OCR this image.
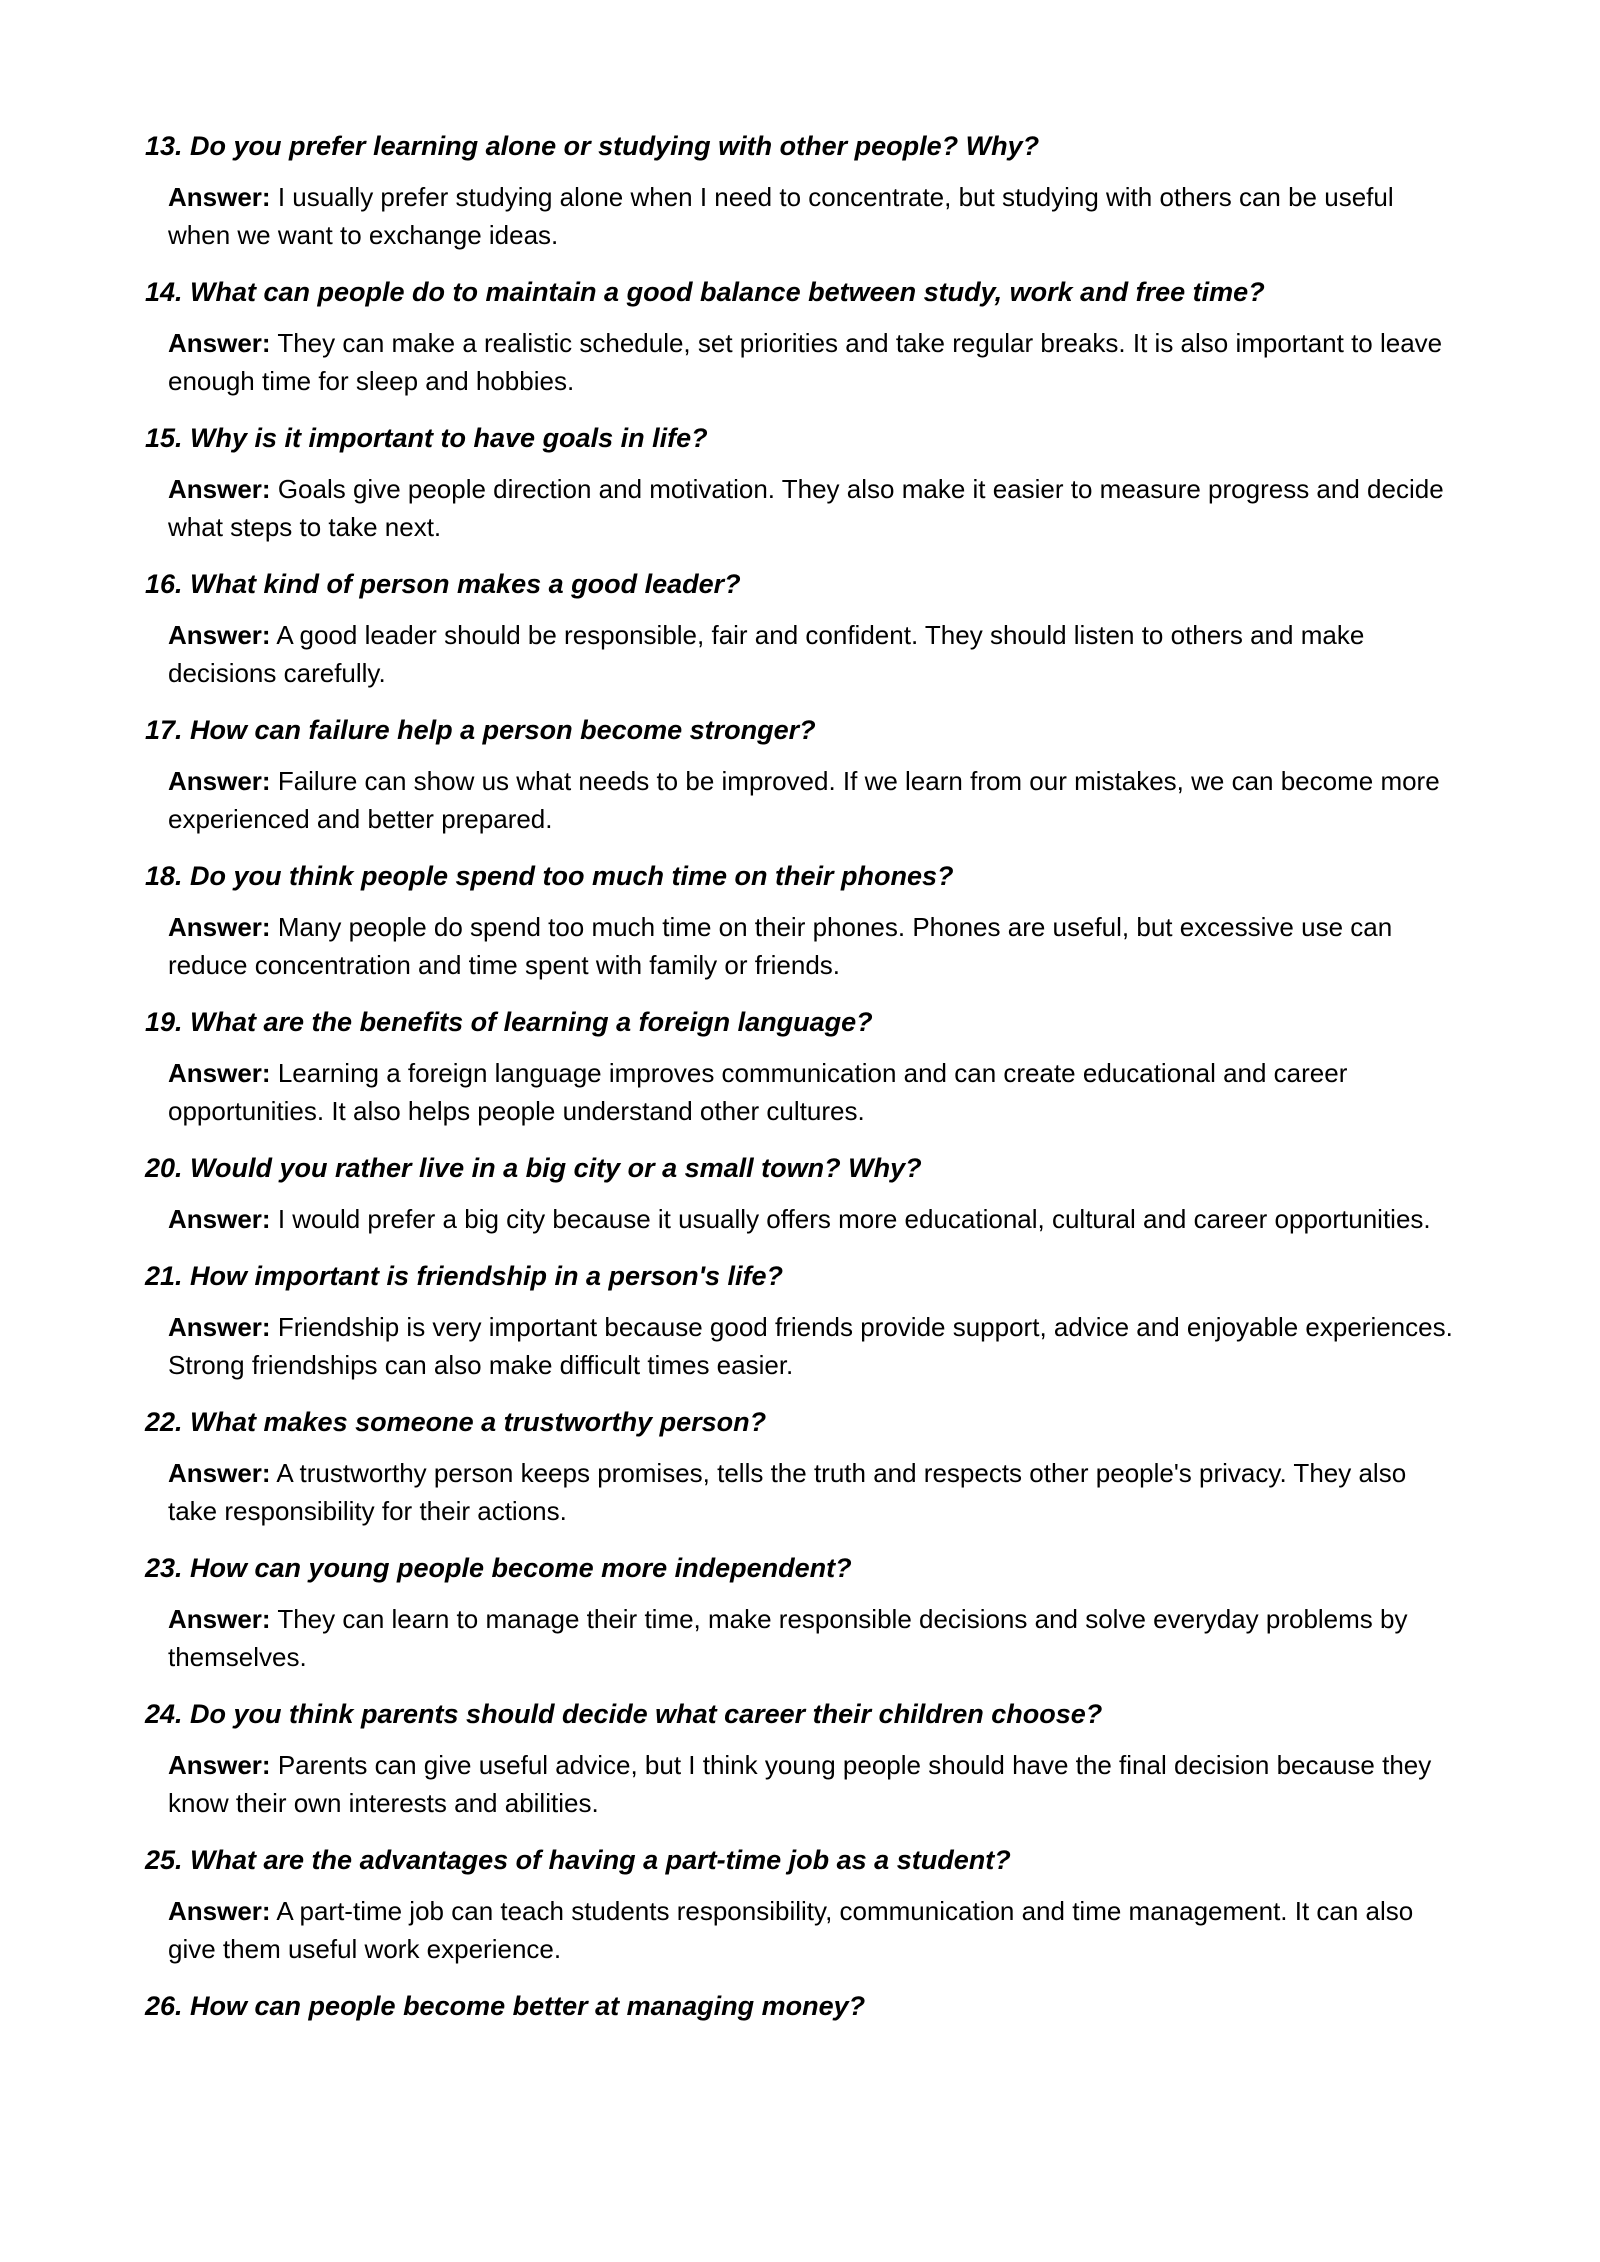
13. Do you prefer learning alone or studying with other people? Why?

Answer: I usually prefer studying alone when I need to concentrate, but studying with others can be useful when we want to exchange ideas.

14. What can people do to maintain a good balance between study, work and free time?

Answer: They can make a realistic schedule, set priorities and take regular breaks. It is also important to leave enough time for sleep and hobbies.

15. Why is it important to have goals in life?

Answer: Goals give people direction and motivation. They also make it easier to measure progress and decide what steps to take next.

16. What kind of person makes a good leader?

Answer: A good leader should be responsible, fair and confident. They should listen to others and make decisions carefully.

17. How can failure help a person become stronger?

Answer: Failure can show us what needs to be improved. If we learn from our mistakes, we can become more experienced and better prepared.

18. Do you think people spend too much time on their phones?

Answer: Many people do spend too much time on their phones. Phones are useful, but excessive use can reduce concentration and time spent with family or friends.

19. What are the benefits of learning a foreign language?

Answer: Learning a foreign language improves communication and can create educational and career opportunities. It also helps people understand other cultures.

20. Would you rather live in a big city or a small town? Why?

Answer: I would prefer a big city because it usually offers more educational, cultural and career opportunities.

21. How important is friendship in a person's life?

Answer: Friendship is very important because good friends provide support, advice and enjoyable experiences. Strong friendships can also make difficult times easier.

22. What makes someone a trustworthy person?

Answer: A trustworthy person keeps promises, tells the truth and respects other people's privacy. They also take responsibility for their actions.

23. How can young people become more independent?

Answer: They can learn to manage their time, make responsible decisions and solve everyday problems by themselves.

24. Do you think parents should decide what career their children choose?

Answer: Parents can give useful advice, but I think young people should have the final decision because they know their own interests and abilities.

25. What are the advantages of having a part-time job as a student?

Answer: A part-time job can teach students responsibility, communication and time management. It can also give them useful work experience.

26. How can people become better at managing money?
